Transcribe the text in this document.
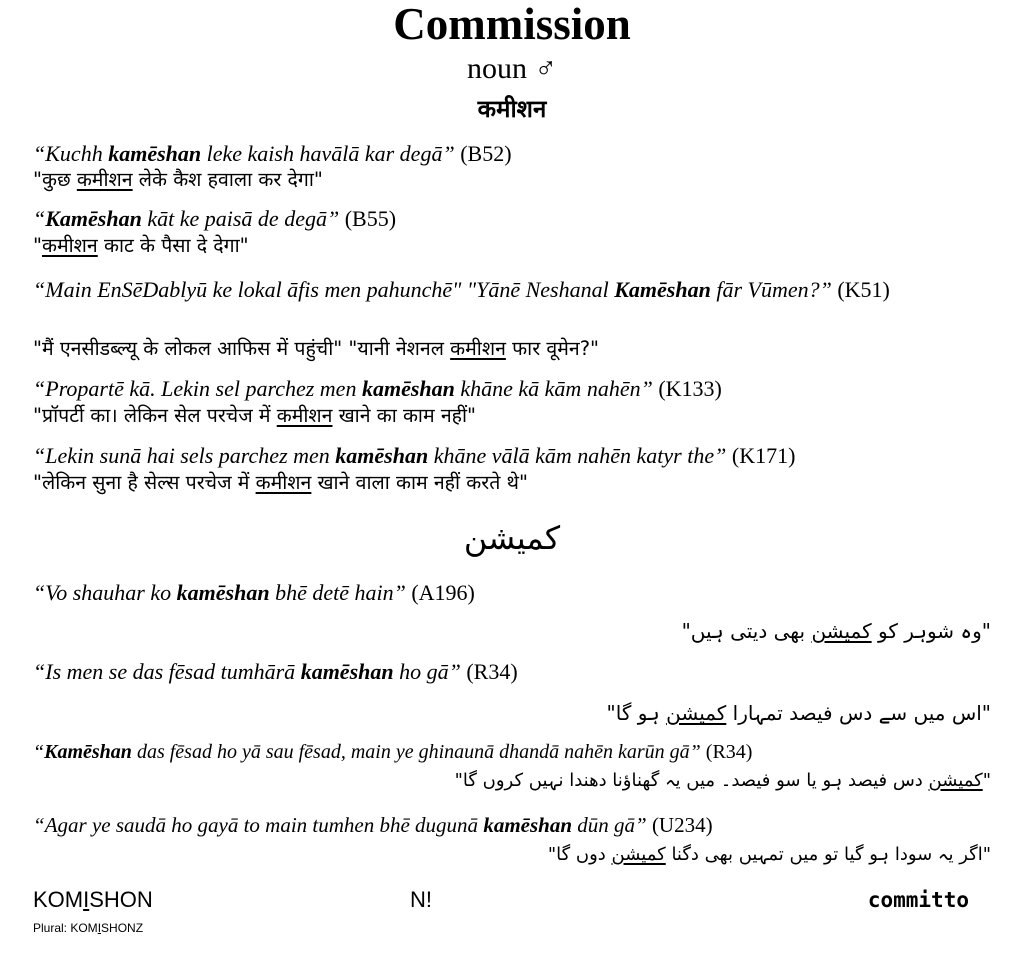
Commission
noun ♂
कमीशन
“Kuchh kamēshan leke kaish havālā kar degā” (B52)
"कुछ कमीशन लेके कैश हवाला कर देगा"
“Kamēshan kāt ke paisā de degā” (B55)
"कमीशन काट के पैसा दे देगा"
“Main EnSēDablyū ke lokal āfis men pahunchē" "Yānē Neshanal Kamēshan fār Vūmen?” (K51)
"मैं एनसीडब्ल्यू के लोकल आफिस में पहुंची" "यानी नेशनल कमीशन फार वूमेन?"
“Propartē kā. Lekin sel parchez men kamēshan khāne kā kām nahēn” (K133)
"प्रॉपर्टी का। लेकिन सेल परचेज में कमीशन खाने का काम नहीं"
“Lekin sunā hai sels parchez men kamēshan khāne vālā kām nahēn katyr the” (K171)
"लेकिन सुना है सेल्स परचेज में कमीशन खाने वाला काम नहीं करते थे"
کمیشن
“Vo shauhar ko kamēshan bhē detē hain” (A196)
"وہ شوہر کو کمیشن بھی دیتی ہیں"
“Is men se das fēsad tumhārā kamēshan ho gā” (R34)
"اس میں سے دس فیصد تمہارا کمیشن ہو گا"
“Kamēshan das fēsad ho yā sau fēsad, main ye ghinaunā dhandā nahēn karūn gā” (R34)
"کمیشن دس فیصد ہو یا سو فیصد۔ میں یہ گھناؤنا دھندا نہیں کروں گا"
“Agar ye saudā ho gayā to main tumhen bhē dugunā kamēshan dūn gā” (U234)
"اگر یہ سودا ہو گیا تو میں تمہیں بھی دگنا کمیشن دوں گا"
KOMISHON
Plural: KOMISHONZ
N!	committo
